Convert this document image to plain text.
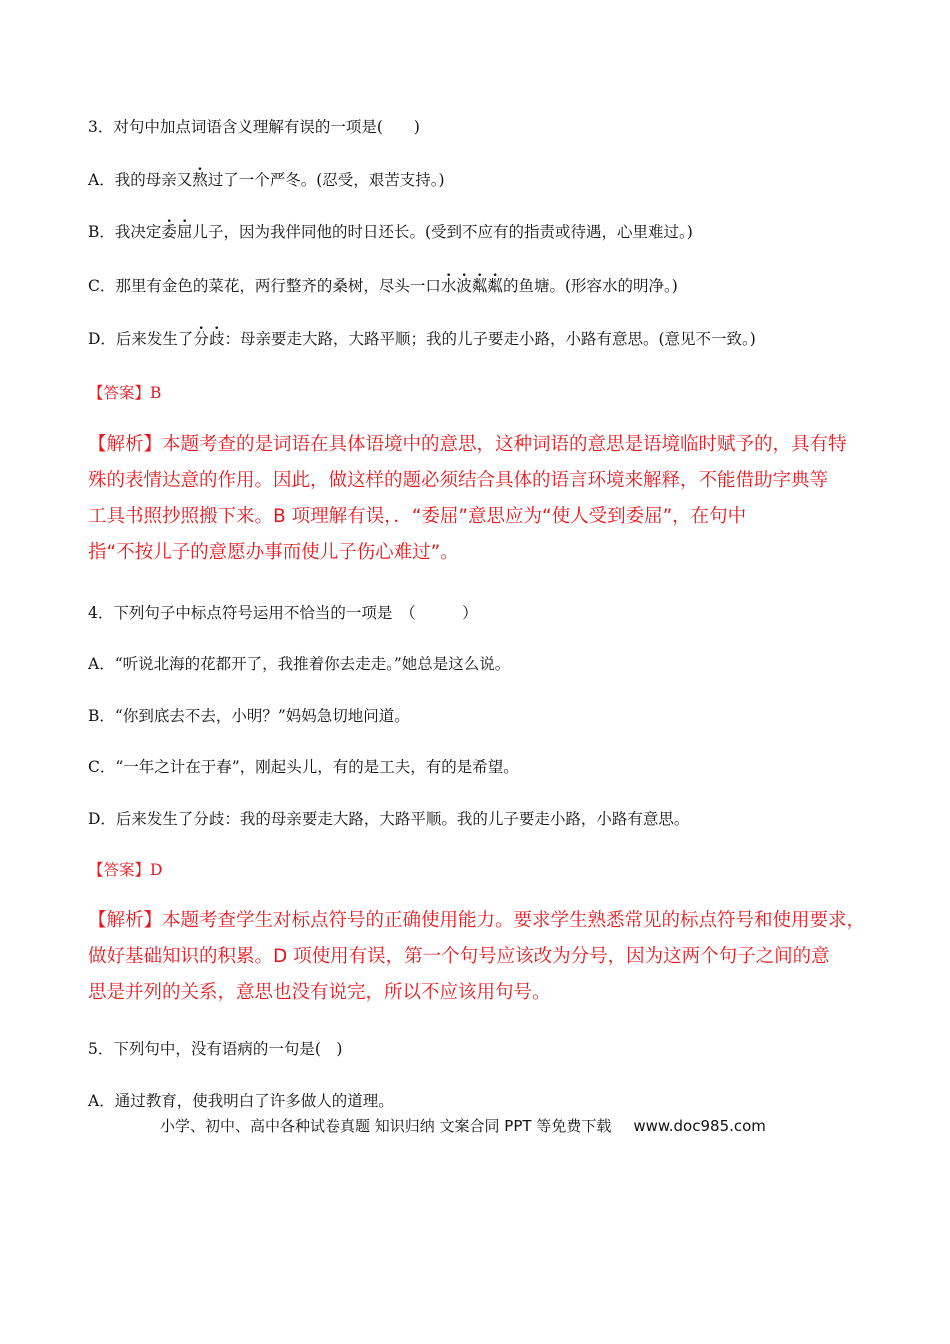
3．对句中加点词语含义理解有误的一项是(　　)
A．我的母亲又熬过了一个严冬。(忍受，艰苦支持。)
B．我决定委屈儿子，因为我伴同他的时日还长。(受到不应有的指责或待遇，心里难过。)
C．那里有金色的菜花，两行整齐的桑树，尽头一口水波粼粼的鱼塘。(形容水的明净。)
D．后来发生了分歧：母亲要走大路，大路平顺；我的儿子要走小路，小路有意思。(意见不一致。)
【答案】B

【解析】本题考查的是词语在具体语境中的意思，这种词语的意思是语境临时赋予的，具有特

殊的表情达意的作用。因此，做这样的题必须结合具体的语言环境来解释，不能借助字典等

工具书照抄照搬下来。B 项理解有误，．“委屈”意思应为“使人受到委屈”，在句中

指“不按儿子的意愿办事而使儿子伤心难过”。

4．下列句子中标点符号运用不恰当的一项是　（　　　）
A．“听说北海的花都开了，我推着你去走走。”她总是这么说。
B．“你到底去不去，小明？”妈妈急切地问道。
C．“一年之计在于春”，刚起头儿，有的是工夫，有的是希望。
D．后来发生了分歧：我的母亲要走大路，大路平顺。我的儿子要走小路，小路有意思。
【答案】D

【解析】本题考查学生对标点符号的正确使用能力。要求学生熟悉常见的标点符号和使用要求，

做好基础知识的积累。D 项使用有误，第一个句号应该改为分号，因为这两个句子之间的意

思是并列的关系，意思也没有说完，所以不应该用句号。

5．下列句中，没有语病的一句是(　)
A．通过教育，使我明白了许多做人的道理。
小学、初中、高中各种试卷真题 知识归纳 文案合同 PPT 等免费下载 www.doc985.com
